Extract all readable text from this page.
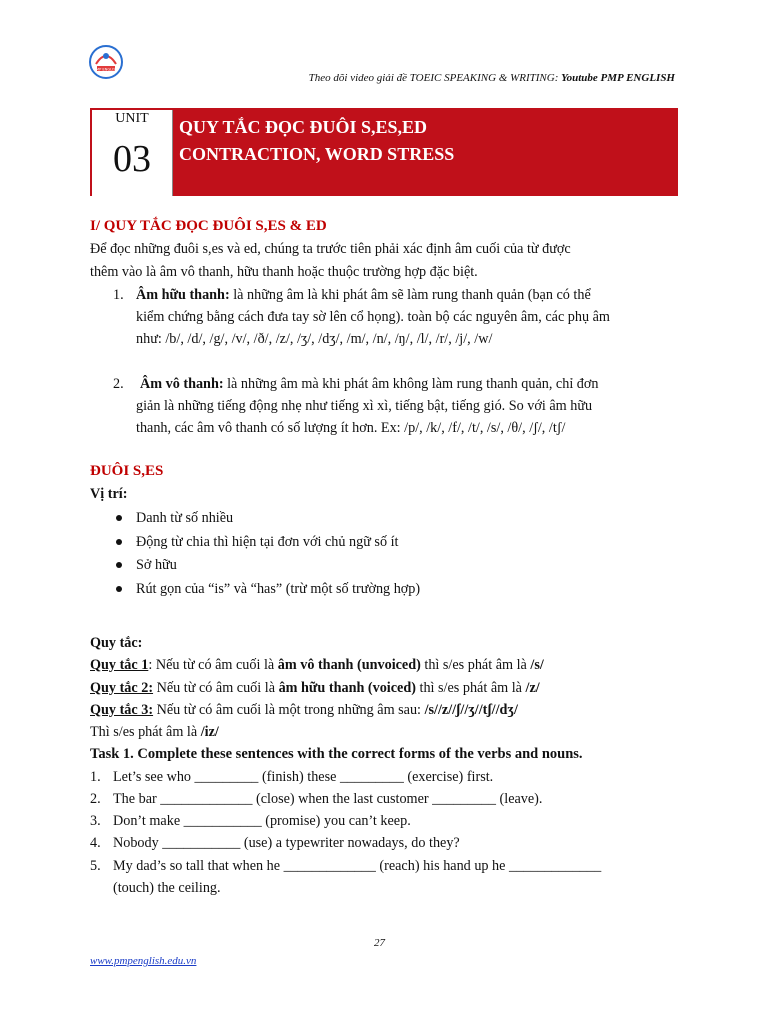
PMP ENGLISH
Theo dõi video giải đề TOEIC SPEAKING & WRITING: Youtube PMP ENGLISH
UNIT
03
QUY TẮC ĐỌC ĐUÔI S,ES,ED
CONTRACTION, WORD STRESS
I/ QUY TẮC ĐỌC ĐUÔI S,ES & ED
Để đọc những đuôi s,es và ed, chúng ta trước tiên phải xác định âm cuối của từ được
thêm vào là âm vô thanh, hữu thanh hoặc thuộc trường hợp đặc biệt.
1. Âm hữu thanh: là những âm là khi phát âm sẽ làm rung thanh quản (bạn có thể
kiểm chứng bằng cách đưa tay sờ lên cổ họng). toàn bộ các nguyên âm, các phụ âm
như: /b/, /d/, /g/, /v/, /ð/, /z/, /ʒ/, /dʒ/, /m/, /n/, /ŋ/, /l/, /r/, /j/, /w/
2. Âm vô thanh: là những âm mà khi phát âm không làm rung thanh quản, chỉ đơn
giản là những tiếng động nhẹ như tiếng xì xì, tiếng bật, tiếng gió. So với âm hữu
thanh, các âm vô thanh có số lượng ít hơn. Ex: /p/, /k/, /f/, /t/, /s/, /θ/, /ʃ/, /tʃ/
ĐUÔI S,ES
Vị trí:
Danh từ số nhiều
Động từ chia thì hiện tại đơn với chủ ngữ số ít
Sở hữu
Rút gọn của “is” và “has” (trừ một số trường hợp)
Quy tắc:
Quy tắc 1: Nếu từ có âm cuối là âm vô thanh (unvoiced) thì s/es phát âm là /s/
Quy tắc 2: Nếu từ có âm cuối là âm hữu thanh (voiced) thì s/es phát âm là /z/
Quy tắc 3: Nếu từ có âm cuối là một trong những âm sau: /s//z//ʃ//ʒ//tʃ//dʒ/
Thì s/es phát âm là /iz/
Task 1. Complete these sentences with the correct forms of the verbs and nouns.
1. Let’s see who _________ (finish) these _________ (exercise) first.
2. The bar _____________ (close) when the last customer _________ (leave).
3. Don’t make ___________ (promise) you can’t keep.
4. Nobody ___________ (use) a typewriter nowadays, do they?
5. My dad’s so tall that when he _____________ (reach) his hand up he _____________
(touch) the ceiling.
27
www.pmpenglish.edu.vn
